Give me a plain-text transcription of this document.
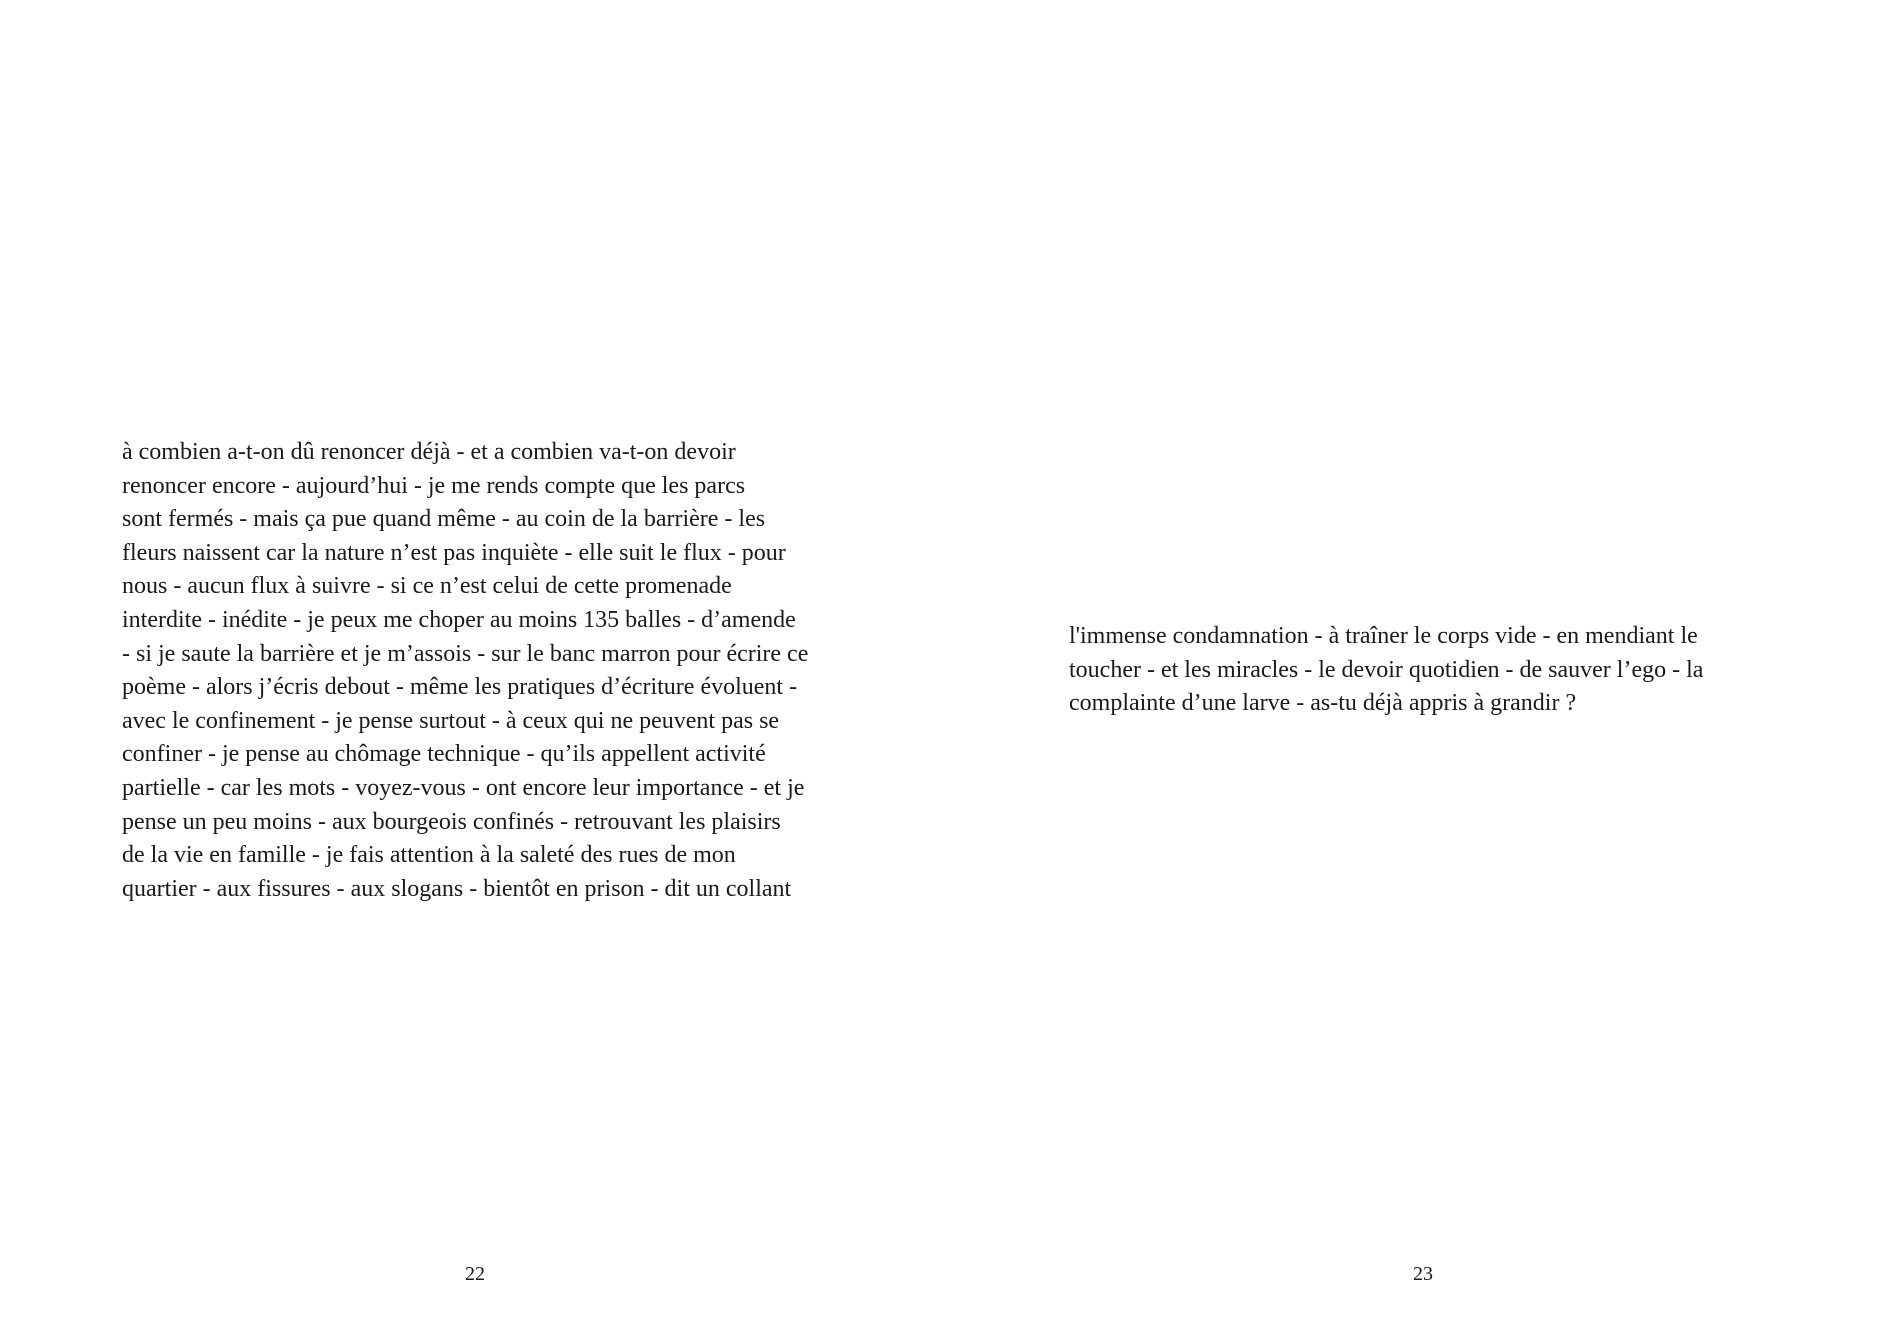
à combien a-t-on dû renoncer déjà - et a combien va-t-on devoir
renoncer encore - aujourd’hui - je me rends compte que les parcs
sont fermés - mais ça pue quand même - au coin de la barrière - les
fleurs naissent car la nature n’est pas inquiète - elle suit le flux - pour
nous - aucun flux à suivre - si ce n’est celui de cette promenade
interdite - inédite - je peux me choper au moins 135 balles - d’amende
- si je saute la barrière et je m’assois - sur le banc marron pour écrire ce
poème - alors j’écris debout - même les pratiques d’écriture évoluent -
avec le confinement - je pense surtout - à ceux qui ne peuvent pas se
confiner - je pense au chômage technique - qu’ils appellent activité
partielle - car les mots - voyez-vous - ont encore leur importance - et je
pense un peu moins - aux bourgeois confinés - retrouvant les plaisirs
de la vie en famille - je fais attention à la saleté des rues de mon
quartier - aux fissures - aux slogans - bientôt en prison - dit un collant
22
l'immense condamnation - à traîner le corps vide - en mendiant le
toucher - et les miracles - le devoir quotidien - de sauver l’ego - la
complainte d’une larve - as-tu déjà appris à grandir ?
23
